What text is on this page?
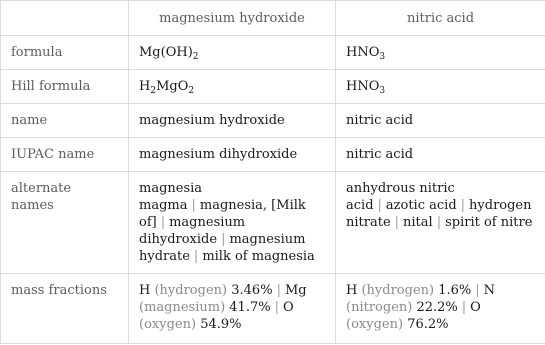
	magnesium hydroxide	nitric acid
formula	$Mg(OH)_2$	$HNO_3$
Hill formula	$H_2MgO_2$	$HNO_3$
name	magnesium hydroxide	nitric acid
IUPAC name	magnesium dihydroxide	nitric acid
alternate names	magnesia magma | magnesia, [Milk of] | magnesium dihydroxide | magnesium hydrate | milk of magnesia	anhydrous nitric acid | azotic acid | hydrogen nitrate | nital | spirit of nitre
mass fractions	H (hydrogen) 3.46% | Mg (magnesium) 41.7% | O (oxygen) 54.9%	H (hydrogen) 1.6% | N (nitrogen) 22.2% | O (oxygen) 76.2%
